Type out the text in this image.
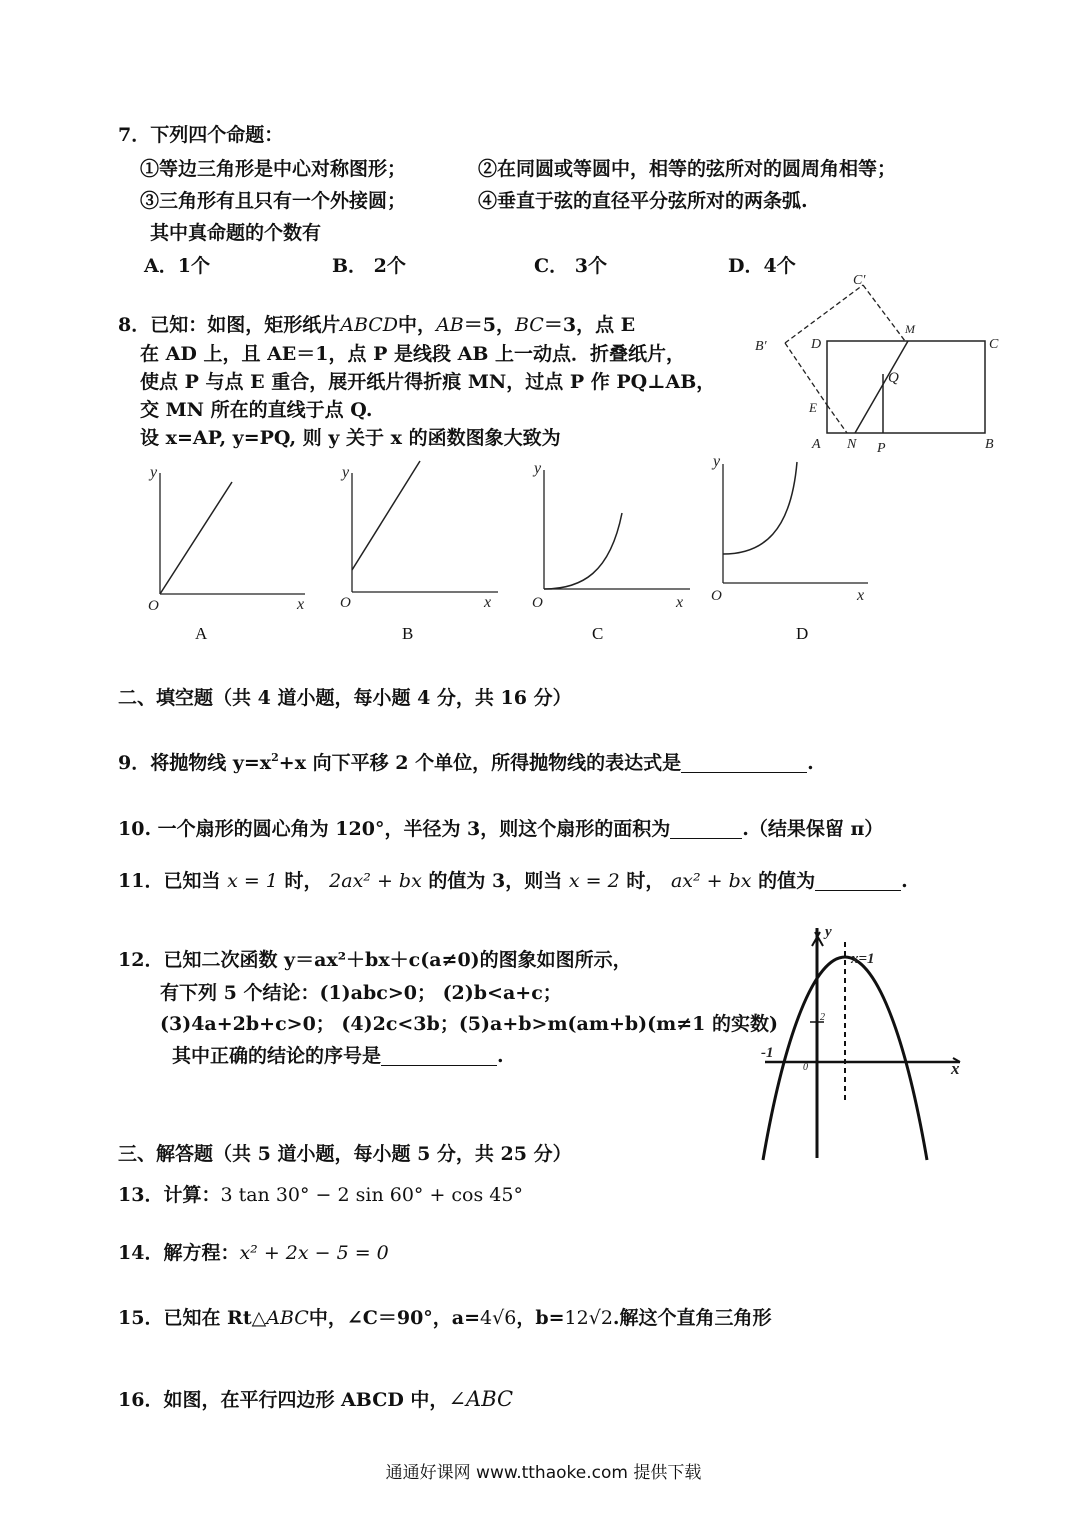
7．下列四个命题：
①等边三角形是中心对称图形；	②在同圆或等圆中，相等的弦所对的圆周角相等；
③三角形有且只有一个外接圆；	④垂直于弦的直径平分弦所对的两条弧.
其中真命题的个数有
A．1个	B． 2个	C． 3个	D．4个
8．已知：如图，矩形纸片ABCD中，AB＝5，BC＝3，点 E
在 AD 上，且 AE＝1，点 P 是线段 AB 上一动点．折叠纸片，
使点 P 与点 E 重合，展开纸片得折痕 MN，过点 P 作 PQ⊥AB，
交 MN 所在的直线于点 Q.
设 x=AP, y=PQ, 则 y 关于 x 的函数图象大致为
C′
M
D	C
B′
Q
E
A N P	B
y
x
O
y
x
O
y
x
O
y
x
O
A	B	C	D
二、填空题（共 4 道小题，每小题 4 分，共 16 分）
9．将抛物线 $y=x^2+x$ 向下平移 2 个单位，所得抛物线的表达式是	.
10. 一个扇形的圆心角为 120°，半径为 3，则这个扇形的面积为	.（结果保留 π）
11．已知当 x = 1 时， 2ax² + bx 的值为 3，则当 x = 2 时， ax² + bx 的值为	.
12．已知二次函数 y＝ax²＋bx＋c(a≠0)的图象如图所示，
有下列 5 个结论：(1)abc>0； (2)b<a+c；
(3)4a+2b+c>0； (4)2c<3b；(5)a+b>m(am+b)(m≠1 的实数)
其中正确的结论的序号是	.
y
x
x=1
-1
2
0
三、解答题（共 5 道小题，每小题 5 分，共 25 分）
13．计算：3 tan 30° − 2 sin 60° + cos 45°
14．解方程：x² + 2x − 5 = 0
15．已知在 Rt△ABC中，∠C＝90°，a=4√6，b=12√2.解这个直角三角形
16．如图，在平行四边形 ABCD 中，∠ABC
通通好课网 www.tthaoke.com 提供下载
